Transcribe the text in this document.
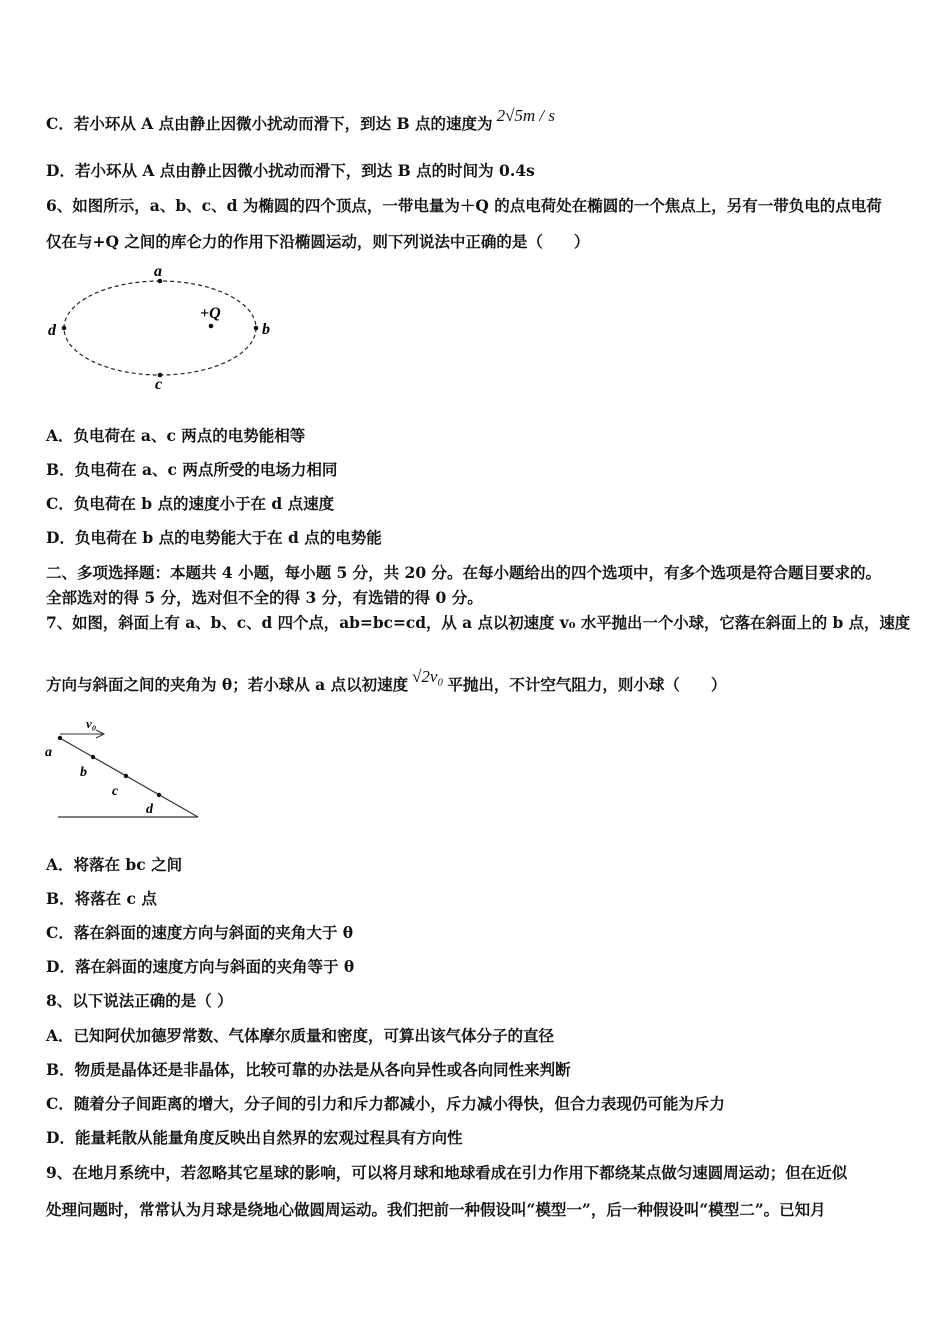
C．若小环从 A 点由静止因微小扰动而滑下，到达 B 点的速度为 2√5m / s
D．若小环从 A 点由静止因微小扰动而滑下，到达 B 点的时间为 0.4s
6、如图所示，a、b、c、d 为椭圆的四个顶点，一带电量为＋Q 的点电荷处在椭圆的一个焦点上，另有一带负电的点电荷
仅在与+Q 之间的库仑力的作用下沿椭圆运动，则下列说法中正确的是（　　）
a
b
c
d
+Q
A．负电荷在 a、c 两点的电势能相等
B．负电荷在 a、c 两点所受的电场力相同
C．负电荷在 b 点的速度小于在 d 点速度
D．负电荷在 b 点的电势能大于在 d 点的电势能
二、多项选择题：本题共 4 小题，每小题 5 分，共 20 分。在每小题给出的四个选项中，有多个选项是符合题目要求的。
全部选对的得 5 分，选对但不全的得 3 分，有选错的得 0 分。
7、如图，斜面上有 a、b、c、d 四个点，ab=bc=cd，从 a 点以初速度 v₀ 水平抛出一个小球，它落在斜面上的 b 点，速度
方向与斜面之间的夹角为 θ；若小球从 a 点以初速度 √2v₀ 平抛出，不计空气阻力，则小球（　　）
v₀
a
b
c
d
A．将落在 bc 之间
B．将落在 c 点
C．落在斜面的速度方向与斜面的夹角大于 θ
D．落在斜面的速度方向与斜面的夹角等于 θ
8、以下说法正确的是（ ）
A．已知阿伏加德罗常数、气体摩尔质量和密度，可算出该气体分子的直径
B．物质是晶体还是非晶体，比较可靠的办法是从各向异性或各向同性来判断
C．随着分子间距离的增大，分子间的引力和斥力都减小，斥力减小得快，但合力表现仍可能为斥力
D．能量耗散从能量角度反映出自然界的宏观过程具有方向性
9、在地月系统中，若忽略其它星球的影响，可以将月球和地球看成在引力作用下都绕某点做匀速圆周运动；但在近似
处理问题时，常常认为月球是绕地心做圆周运动。我们把前一种假设叫“模型一”，后一种假设叫“模型二”。已知月
